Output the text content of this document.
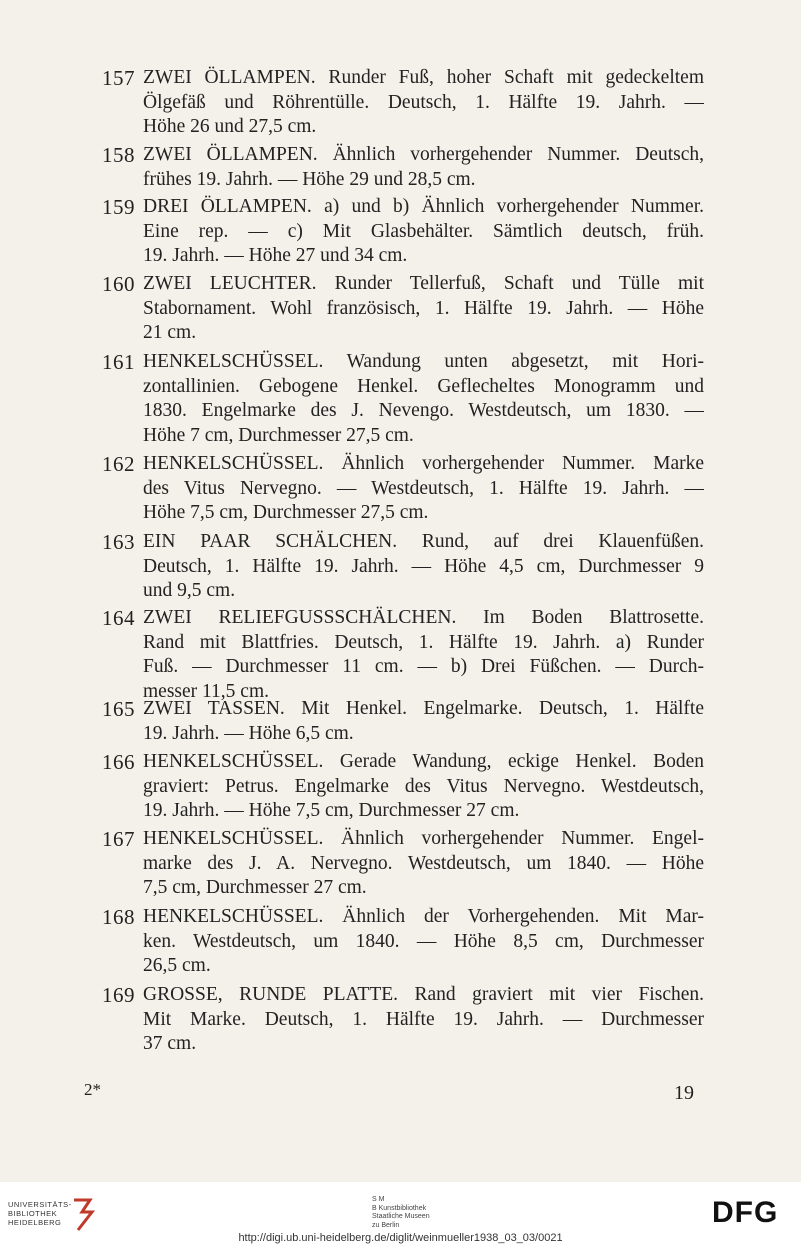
157 ZWEI ÖLLAMPEN. Runder Fuß, hoher Schaft mit gedeckeltem
Ölgefäß und Röhrentülle. Deutsch, 1. Hälfte 19. Jahrh. —
Höhe 26 und 27,5 cm.
158 ZWEI ÖLLAMPEN. Ähnlich vorhergehender Nummer. Deutsch,
frühes 19. Jahrh. — Höhe 29 und 28,5 cm.
159 DREI ÖLLAMPEN. a) und b) Ähnlich vorhergehender Nummer.
Eine rep. — c) Mit Glasbehälter. Sämtlich deutsch, früh.
19. Jahrh. — Höhe 27 und 34 cm.
160 ZWEI LEUCHTER. Runder Tellerfuß, Schaft und Tülle mit
Stabornament. Wohl französisch, 1. Hälfte 19. Jahrh. — Höhe
21 cm.
161 HENKELSCHÜSSEL. Wandung unten abgesetzt, mit Hori-
zontallinien. Gebogene Henkel. Geflecheltes Monogramm und
1830. Engelmarke des J. Nevengo. Westdeutsch, um 1830. —
Höhe 7 cm, Durchmesser 27,5 cm.
162 HENKELSCHÜSSEL. Ähnlich vorhergehender Nummer. Marke
des Vitus Nervegno. — Westdeutsch, 1. Hälfte 19. Jahrh. —
Höhe 7,5 cm, Durchmesser 27,5 cm.
163 EIN PAAR SCHÄLCHEN. Rund, auf drei Klauenfüßen.
Deutsch, 1. Hälfte 19. Jahrh. — Höhe 4,5 cm, Durchmesser 9
und 9,5 cm.
164 ZWEI RELIEFGUSSSCHÄLCHEN. Im Boden Blattrosette.
Rand mit Blattfries. Deutsch, 1. Hälfte 19. Jahrh. a) Runder
Fuß. — Durchmesser 11 cm. — b) Drei Füßchen. — Durch-
messer 11,5 cm.
165 ZWEI TASSEN. Mit Henkel. Engelmarke. Deutsch, 1. Hälfte
19. Jahrh. — Höhe 6,5 cm.
166 HENKELSCHÜSSEL. Gerade Wandung, eckige Henkel. Boden
graviert: Petrus. Engelmarke des Vitus Nervegno. Westdeutsch,
19. Jahrh. — Höhe 7,5 cm, Durchmesser 27 cm.
167 HENKELSCHÜSSEL. Ähnlich vorhergehender Nummer. Engel-
marke des J. A. Nervegno. Westdeutsch, um 1840. — Höhe
7,5 cm, Durchmesser 27 cm.
168 HENKELSCHÜSSEL. Ähnlich der Vorhergehenden. Mit Mar-
ken. Westdeutsch, um 1840. — Höhe 8,5 cm, Durchmesser
26,5 cm.
169 GROSSE, RUNDE PLATTE. Rand graviert mit vier Fischen.
Mit Marke. Deutsch, 1. Hälfte 19. Jahrh. — Durchmesser
37 cm.
2*	19
UNIVERSITÄTS-
BIBLIOTHEK
HEIDELBERG
S M
B Kunstbibliothek
Staatliche Museen
zu Berlin	DFG
http://digi.ub.uni-heidelberg.de/diglit/weinmueller1938_03_03/0021
